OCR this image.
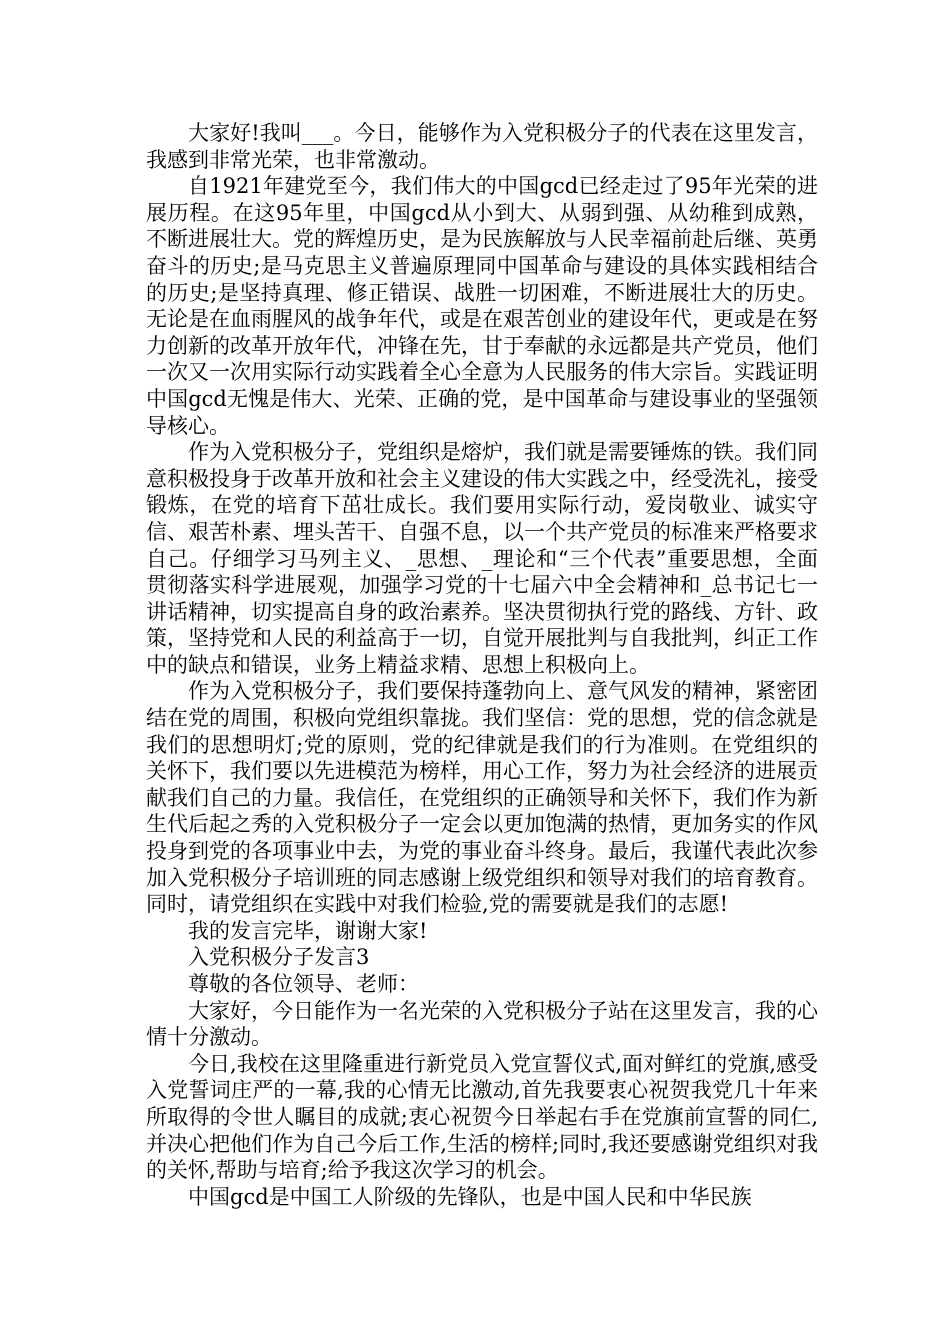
大家好!我叫___。今日，能够作为入党积极分子的代表在这里发言，我感到非常光荣，也非常激动。

自1921年建党至今，我们伟大的中国gcd已经走过了95年光荣的进展历程。在这95年里，中国gcd从小到大、从弱到强、从幼稚到成熟，不断进展壮大。党的辉煌历史，是为民族解放与人民幸福前赴后继、英勇奋斗的历史;是马克思主义普遍原理同中国革命与建设的具体实践相结合的历史;是坚持真理、修正错误、战胜一切困难，不断进展壮大的历史。无论是在血雨腥风的战争年代，或是在艰苦创业的建设年代，更或是在努力创新的改革开放年代，冲锋在先，甘于奉献的永远都是共产党员，他们一次又一次用实际行动实践着全心全意为人民服务的伟大宗旨。实践证明中国gcd无愧是伟大、光荣、正确的党，是中国革命与建设事业的坚强领导核心。

作为入党积极分子，党组织是熔炉，我们就是需要锤炼的铁。我们同意积极投身于改革开放和社会主义建设的伟大实践之中，经受洗礼，接受锻炼，在党的培育下茁壮成长。我们要用实际行动，爱岗敬业、诚实守信、艰苦朴素、埋头苦干、自强不息，以一个共产党员的标准来严格要求自己。仔细学习马列主义、_思想、_理论和“三个代表”重要思想，全面贯彻落实科学进展观，加强学习党的十七届六中全会精神和_总书记七一讲话精神，切实提高自身的政治素养。坚决贯彻执行党的路线、方针、政策，坚持党和人民的利益高于一切，自觉开展批判与自我批判，纠正工作中的缺点和错误，业务上精益求精、思想上积极向上。

作为入党积极分子，我们要保持蓬勃向上、意气风发的精神，紧密团结在党的周围，积极向党组织靠拢。我们坚信：党的思想，党的信念就是我们的思想明灯;党的原则，党的纪律就是我们的行为准则。在党组织的关怀下，我们要以先进模范为榜样，用心工作，努力为社会经济的进展贡献我们自己的力量。我信任，在党组织的正确领导和关怀下，我们作为新生代后起之秀的入党积极分子一定会以更加饱满的热情，更加务实的作风投身到党的各项事业中去，为党的事业奋斗终身。最后，我谨代表此次参加入党积极分子培训班的同志感谢上级党组织和领导对我们的培育教育。同时，请党组织在实践中对我们检验,党的需要就是我们的志愿!

我的发言完毕，谢谢大家!

入党积极分子发言3

尊敬的各位领导、老师：

大家好，今日能作为一名光荣的入党积极分子站在这里发言，我的心情十分激动。

今日,我校在这里隆重进行新党员入党宣誓仪式,面对鲜红的党旗,感受入党誓词庄严的一幕,我的心情无比激动,首先我要衷心祝贺我党几十年来所取得的令世人瞩目的成就;衷心祝贺今日举起右手在党旗前宣誓的同仁,并决心把他们作为自己今后工作,生活的榜样;同时,我还要感谢党组织对我的关怀,帮助与培育;给予我这次学习的机会。

中国gcd是中国工人阶级的先锋队，也是中国人民和中华民族
